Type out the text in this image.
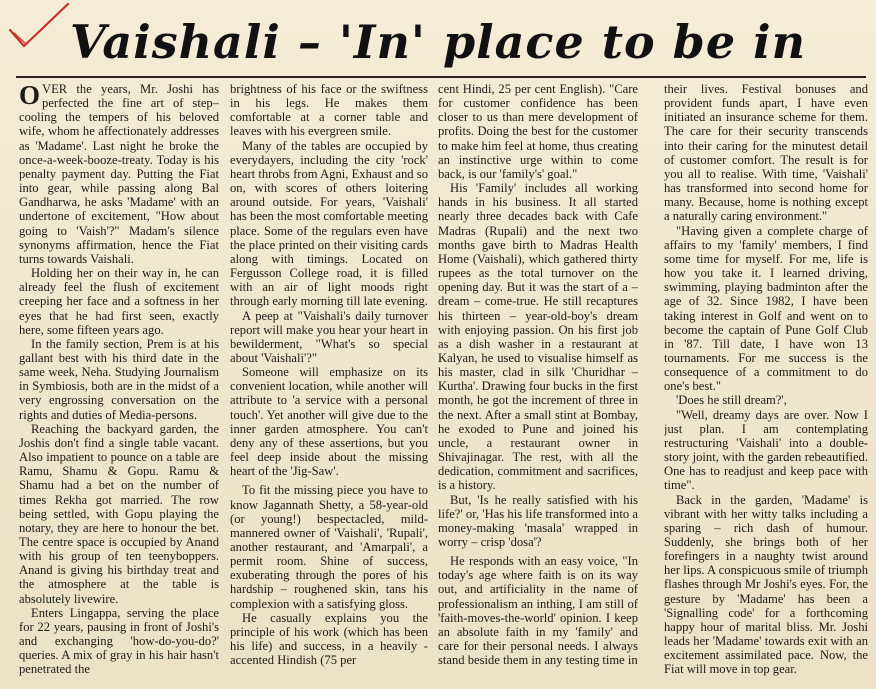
Vaishali – 'In' place to be in

OVER the years, Mr. Joshi has perfected the fine art of step–cooling the tempers of his beloved wife, whom he affectionately addresses as 'Madame'. Last night he broke the once-a-week-booze-treaty. Today is his penalty payment day. Putting the Fiat into gear, while passing along Bal Gandharwa, he asks 'Madame' with an undertone of excitement, "How about going to 'Vaish'?" Madam's silence synonyms affirmation, hence the Fiat turns towards Vaishali.

Holding her on their way in, he can already feel the flush of excitement creeping her face and a softness in her eyes that he had first seen, exactly here, some fifteen years ago.

In the family section, Prem is at his gallant best with his third date in the same week, Neha. Studying Journalism in Symbiosis, both are in the midst of a very engrossing conversation on the rights and duties of Media-persons.

Reaching the backyard garden, the Joshis don't find a single table vacant. Also impatient to pounce on a table are Ramu, Shamu & Gopu. Ramu & Shamu had a bet on the number of times Rekha got married. The row being settled, with Gopu playing the notary, they are here to honour the bet. The centre space is occupied by Anand with his group of ten teenyboppers. Anand is giving his birthday treat and the atmosphere at the table is absolutely livewire.

Enters Lingappa, serving the place for 22 years, pausing in front of Joshi's and exchanging 'how-do-you-do?' queries. A mix of gray in his hair hasn't penetrated the

brightness of his face or the swiftness in his legs. He makes them comfortable at a corner table and leaves with his evergreen smile.

Many of the tables are occupied by everydayers, including the city 'rock' heart throbs from Agni, Exhaust and so on, with scores of others loitering around outside. For years, 'Vaishali' has been the most comfortable meeting place. Some of the regulars even have the place printed on their visiting cards along with timings. Located on Fergusson College road, it is filled with an air of light moods right through early morning till late evening.

A peep at "Vaishali's daily turnover report will make you hear your heart in bewilderment, "What's so special about 'Vaishali'?"

Someone will emphasize on its convenient location, while another will attribute to 'a service with a personal touch'. Yet another will give due to the inner garden atmosphere. You can't deny any of these assertions, but you feel deep inside about the missing heart of the 'Jig-Saw'.

To fit the missing piece you have to know Jagannath Shetty, a 58-year-old (or young!) bespectacled, mild-mannered owner of 'Vaishali', 'Rupali', another restaurant, and 'Amarpali', a permit room. Shine of success, exuberating through the pores of his hardship – roughened skin, tans his complexion with a satisfying gloss.

He casually explains you the principle of his work (which has been his life) and success, in a heavily - accented Hindish (75 per

cent Hindi, 25 per cent English). "Care for customer confidence has been closer to us than mere development of profits. Doing the best for the customer to make him feel at home, thus creating an instinctive urge within to come back, is our 'family's' goal."

His 'Family' includes all working hands in his business. It all started nearly three decades back with Cafe Madras (Rupali) and the next two months gave birth to Madras Health Home (Vaishali), which gathered thirty rupees as the total turnover on the opening day. But it was the start of a – dream – come-true. He still recaptures his thirteen – year-old-boy's dream with enjoying passion. On his first job as a dish washer in a restaurant at Kalyan, he used to visualise himself as his master, clad in silk 'Churidhar – Kurtha'. Drawing four bucks in the first month, he got the increment of three in the next. After a small stint at Bombay, he exoded to Pune and joined his uncle, a restaurant owner in Shivajinagar. The rest, with all the dedication, commitment and sacrifices, is a history.

But, 'Is he really satisfied with his life?' or, 'Has his life transformed into a money-making 'masala' wrapped in worry – crisp 'dosa'?

He responds with an easy voice, "In today's age where faith is on its way out, and artificiality in the name of professionalism an inthing, I am still of 'faith-moves-the-world' opinion. I keep an absolute faith in my 'family' and care for their personal needs. I always stand beside them in any testing time in

their lives. Festival bonuses and provident funds apart, I have even initiated an insurance scheme for them. The care for their security transcends into their caring for the minutest detail of customer comfort. The result is for you all to realise. With time, 'Vaishali' has transformed into second home for many. Because, home is nothing except a naturally caring environment."

"Having given a complete charge of affairs to my 'family' members, I find some time for myself. For me, life is how you take it. I learned driving, swimming, playing badminton after the age of 32. Since 1982, I have been taking interest in Golf and went on to become the captain of Pune Golf Club in '87. Till date, I have won 13 tournaments. For me success is the consequence of a commitment to do one's best."

'Does he still dream?',

"Well, dreamy days are over. Now I just plan. I am contemplating restructuring 'Vaishali' into a double-story joint, with the garden rebeautified. One has to readjust and keep pace with time".

Back in the garden, 'Madame' is vibrant with her witty talks including a sparing – rich dash of humour. Suddenly, she brings both of her forefingers in a naughty twist around her lips. A conspicuous smile of triumph flashes through Mr Joshi's eyes. For, the gesture by 'Madame' has been a 'Signalling code' for a forthcoming happy hour of marital bliss. Mr. Joshi leads her 'Madame' towards exit with an excitement assimilated pace. Now, the Fiat will move in top gear.
